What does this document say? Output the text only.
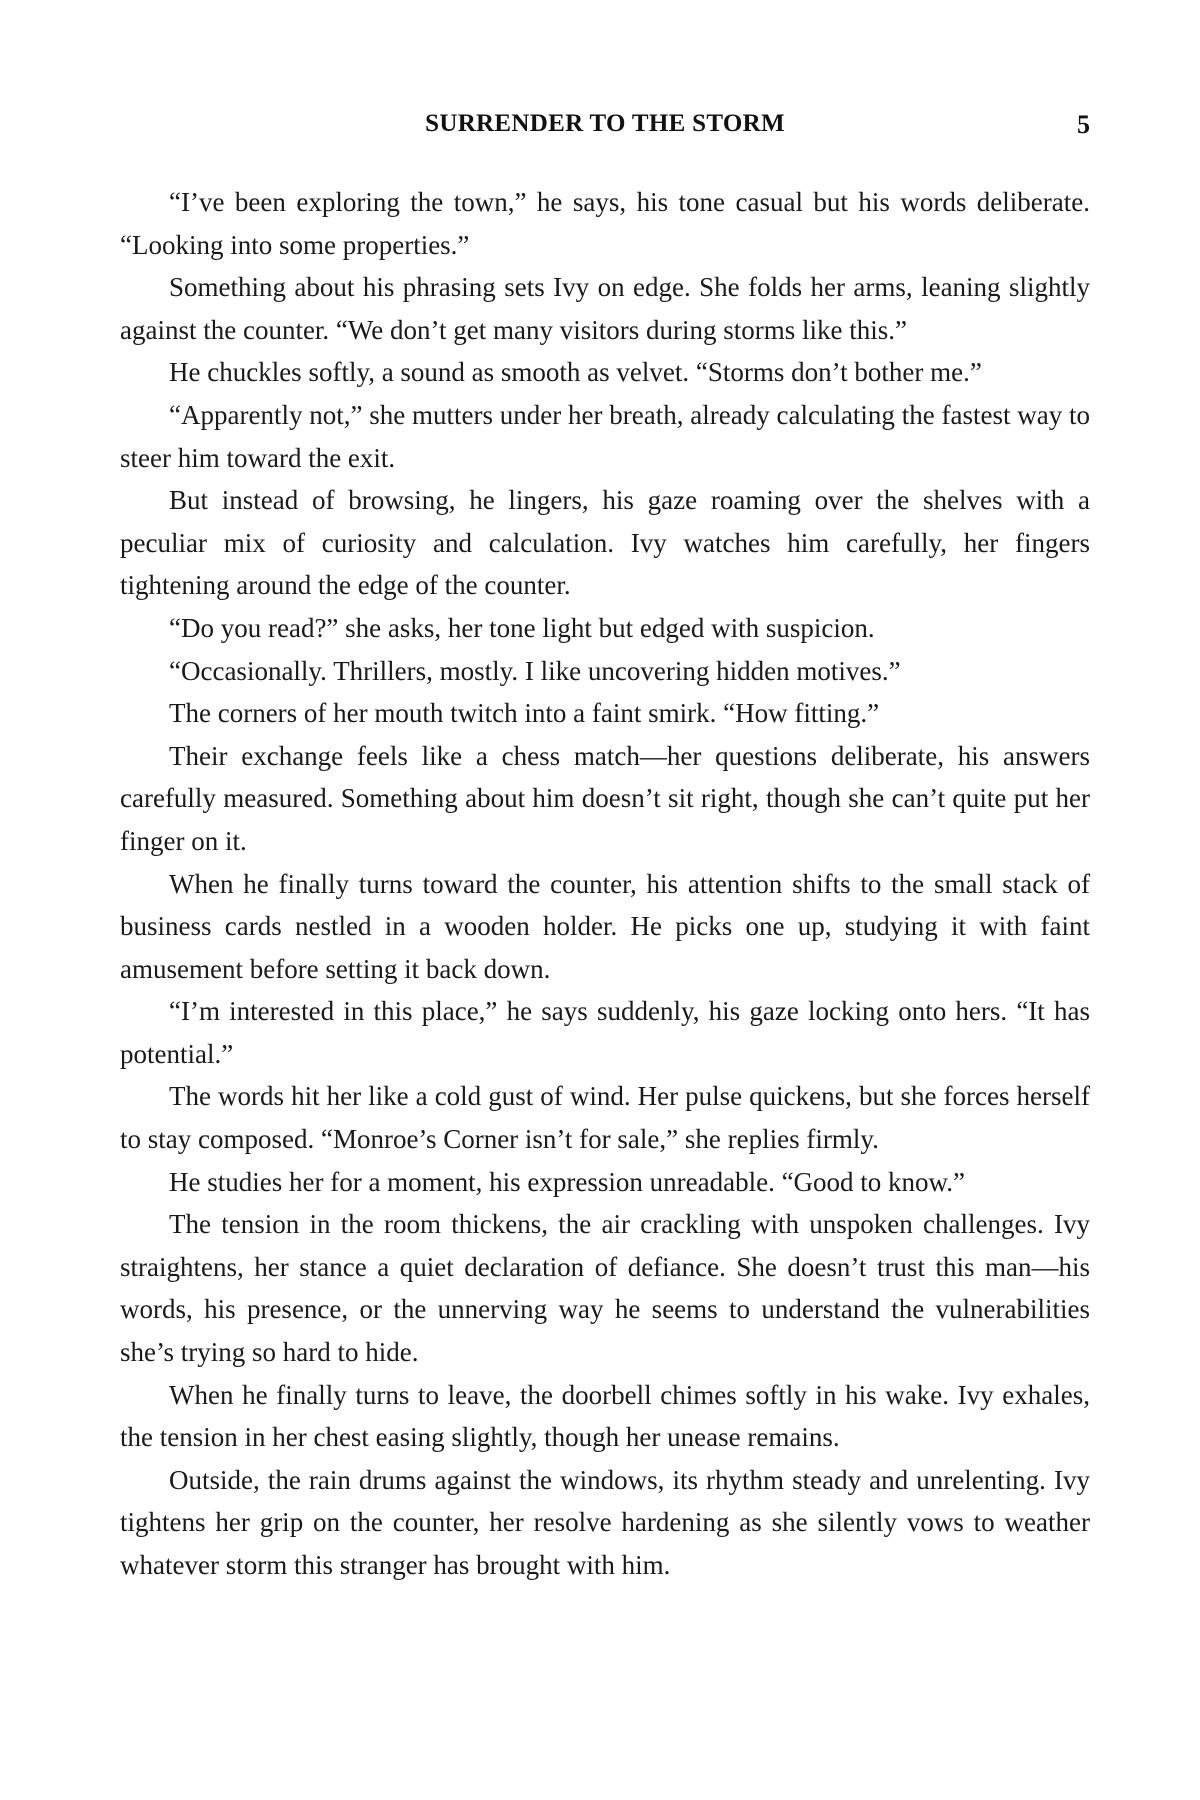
SURRENDER TO THE STORM	5

“I’ve been exploring the town,” he says, his tone casual but his words deliberate. “Looking into some properties.”

Something about his phrasing sets Ivy on edge. She folds her arms, leaning slightly against the counter. “We don’t get many visitors during storms like this.”

He chuckles softly, a sound as smooth as velvet. “Storms don’t bother me.”

“Apparently not,” she mutters under her breath, already calculating the fastest way to steer him toward the exit.

But instead of browsing, he lingers, his gaze roaming over the shelves with a peculiar mix of curiosity and calculation. Ivy watches him carefully, her fingers tightening around the edge of the counter.

“Do you read?” she asks, her tone light but edged with suspicion.

“Occasionally. Thrillers, mostly. I like uncovering hidden motives.”

The corners of her mouth twitch into a faint smirk. “How fitting.”

Their exchange feels like a chess match—her questions deliberate, his answers carefully measured. Something about him doesn’t sit right, though she can’t quite put her finger on it.

When he finally turns toward the counter, his attention shifts to the small stack of business cards nestled in a wooden holder. He picks one up, studying it with faint amusement before setting it back down.

“I’m interested in this place,” he says suddenly, his gaze locking onto hers. “It has potential.”

The words hit her like a cold gust of wind. Her pulse quickens, but she forces herself to stay composed. “Monroe’s Corner isn’t for sale,” she replies firmly.

He studies her for a moment, his expression unreadable. “Good to know.”

The tension in the room thickens, the air crackling with unspoken challenges. Ivy straightens, her stance a quiet declaration of defiance. She doesn’t trust this man—his words, his presence, or the unnerving way he seems to understand the vulnerabilities she’s trying so hard to hide.

When he finally turns to leave, the doorbell chimes softly in his wake. Ivy exhales, the tension in her chest easing slightly, though her unease remains.

Outside, the rain drums against the windows, its rhythm steady and unrelenting. Ivy tightens her grip on the counter, her resolve hardening as she silently vows to weather whatever storm this stranger has brought with him.
